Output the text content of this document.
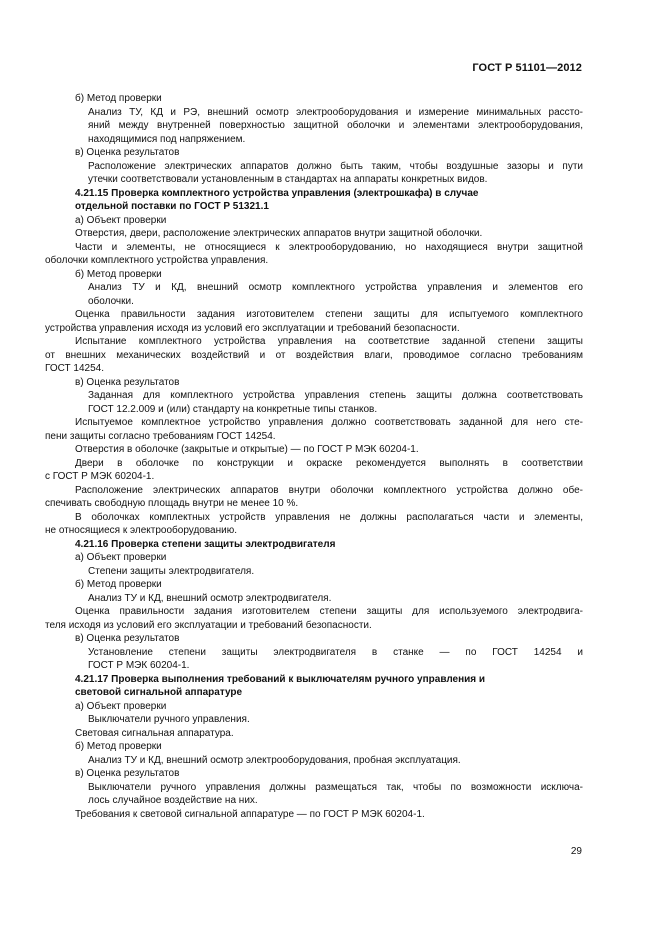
ГОСТ Р 51101—2012
б) Метод проверки
Анализ ТУ, КД и РЭ, внешний осмотр электрооборудования и измерение минимальных рассто-
яний между внутренней поверхностью защитной оболочки и элементами электрооборудования,
находящимися под напряжением.
в) Оценка результатов
Расположение электрических аппаратов должно быть таким, чтобы воздушные зазоры и пути
утечки соответствовали установленным в стандартах на аппараты конкретных видов.
4.21.15 Проверка комплектного устройства управления (электрошкафа) в случае
отдельной поставки по ГОСТ Р 51321.1
а) Объект проверки
Отверстия, двери, расположение электрических аппаратов внутри защитной оболочки.
Части и элементы, не относящиеся к электрооборудованию, но находящиеся внутри защитной
оболочки комплектного устройства управления.
б) Метод проверки
Анализ ТУ и КД, внешний осмотр комплектного устройства управления и элементов его
оболочки.
Оценка правильности задания изготовителем степени защиты для испытуемого комплектного
устройства управления исходя из условий его эксплуатации и требований безопасности.
Испытание комплектного устройства управления на соответствие заданной степени защиты
от внешних механических воздействий и от воздействия влаги, проводимое согласно требованиям
ГОСТ 14254.
в) Оценка результатов
Заданная для комплектного устройства управления степень защиты должна соответствовать
ГОСТ 12.2.009 и (или) стандарту на конкретные типы станков.
Испытуемое комплектное устройство управления должно соответствовать заданной для него сте-
пени защиты согласно требованиям ГОСТ 14254.
Отверстия в оболочке (закрытые и открытые) — по ГОСТ Р МЭК 60204-1.
Двери в оболочке по конструкции и окраске рекомендуется выполнять в соответствии
с ГОСТ Р МЭК 60204-1.
Расположение электрических аппаратов внутри оболочки комплектного устройства должно обе-
спечивать свободную площадь внутри не менее 10 %.
В оболочках комплектных устройств управления не должны располагаться части и элементы,
не относящиеся к электрооборудованию.
4.21.16 Проверка степени защиты электродвигателя
а) Объект проверки
Степени защиты электродвигателя.
б) Метод проверки
Анализ ТУ и КД, внешний осмотр электродвигателя.
Оценка правильности задания изготовителем степени защиты для используемого электродвига-
теля исходя из условий его эксплуатации и требований безопасности.
в) Оценка результатов
Установление степени защиты электродвигателя в станке — по ГОСТ 14254 и
ГОСТ Р МЭК 60204-1.
4.21.17 Проверка выполнения требований к выключателям ручного управления и
световой сигнальной аппаратуре
а) Объект проверки
Выключатели ручного управления.
Световая сигнальная аппаратура.
б) Метод проверки
Анализ ТУ и КД, внешний осмотр электрооборудования, пробная эксплуатация.
в) Оценка результатов
Выключатели ручного управления должны размещаться так, чтобы по возможности исключа-
лось случайное воздействие на них.
Требования к световой сигнальной аппаратуре — по ГОСТ Р МЭК 60204-1.
29
